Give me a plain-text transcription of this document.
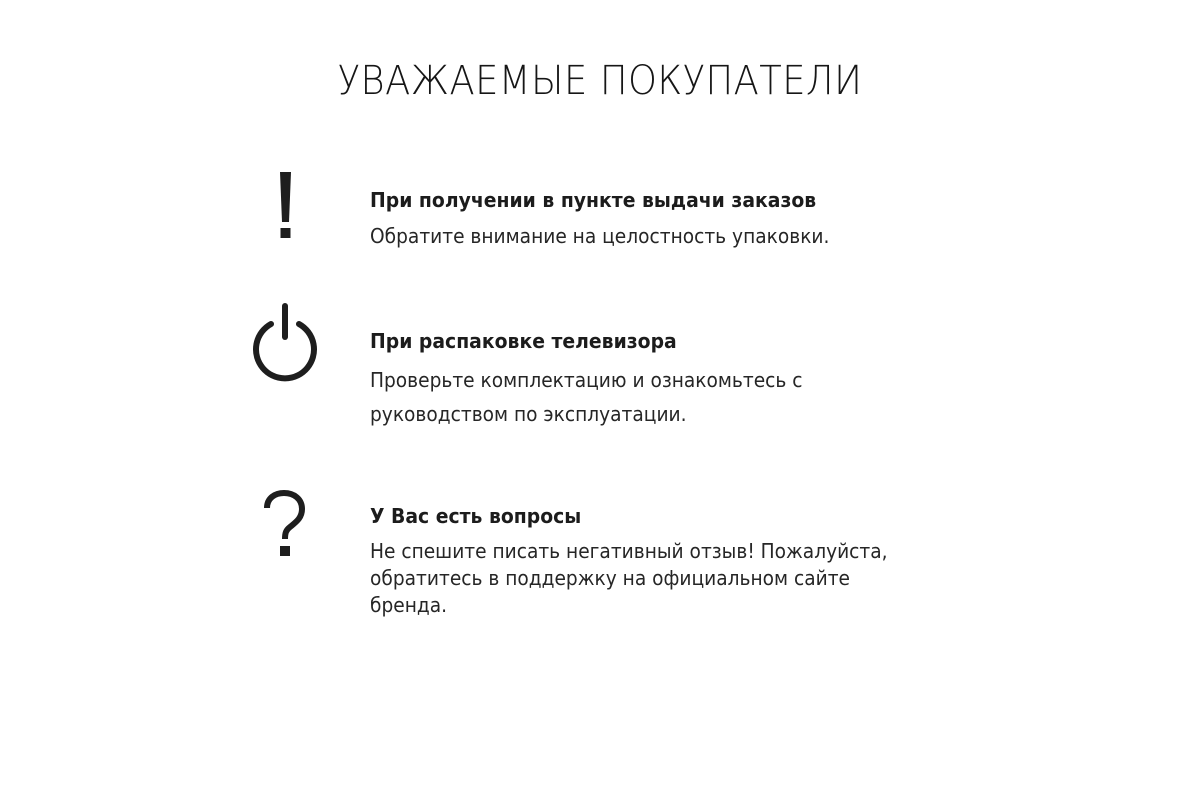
УВАЖАЕМЫЕ ПОКУПАТЕЛИ
При получении в пункте выдачи заказов
Обратите внимание на целостность упаковки.
При распаковке телевизора
Проверьте комплектацию и ознакомьтесь с
руководством по эксплуатации.
У Вас есть вопросы
Не спешите писать негативный отзыв! Пожалуйста,
обратитесь в поддержку на официальном сайте
бренда.
